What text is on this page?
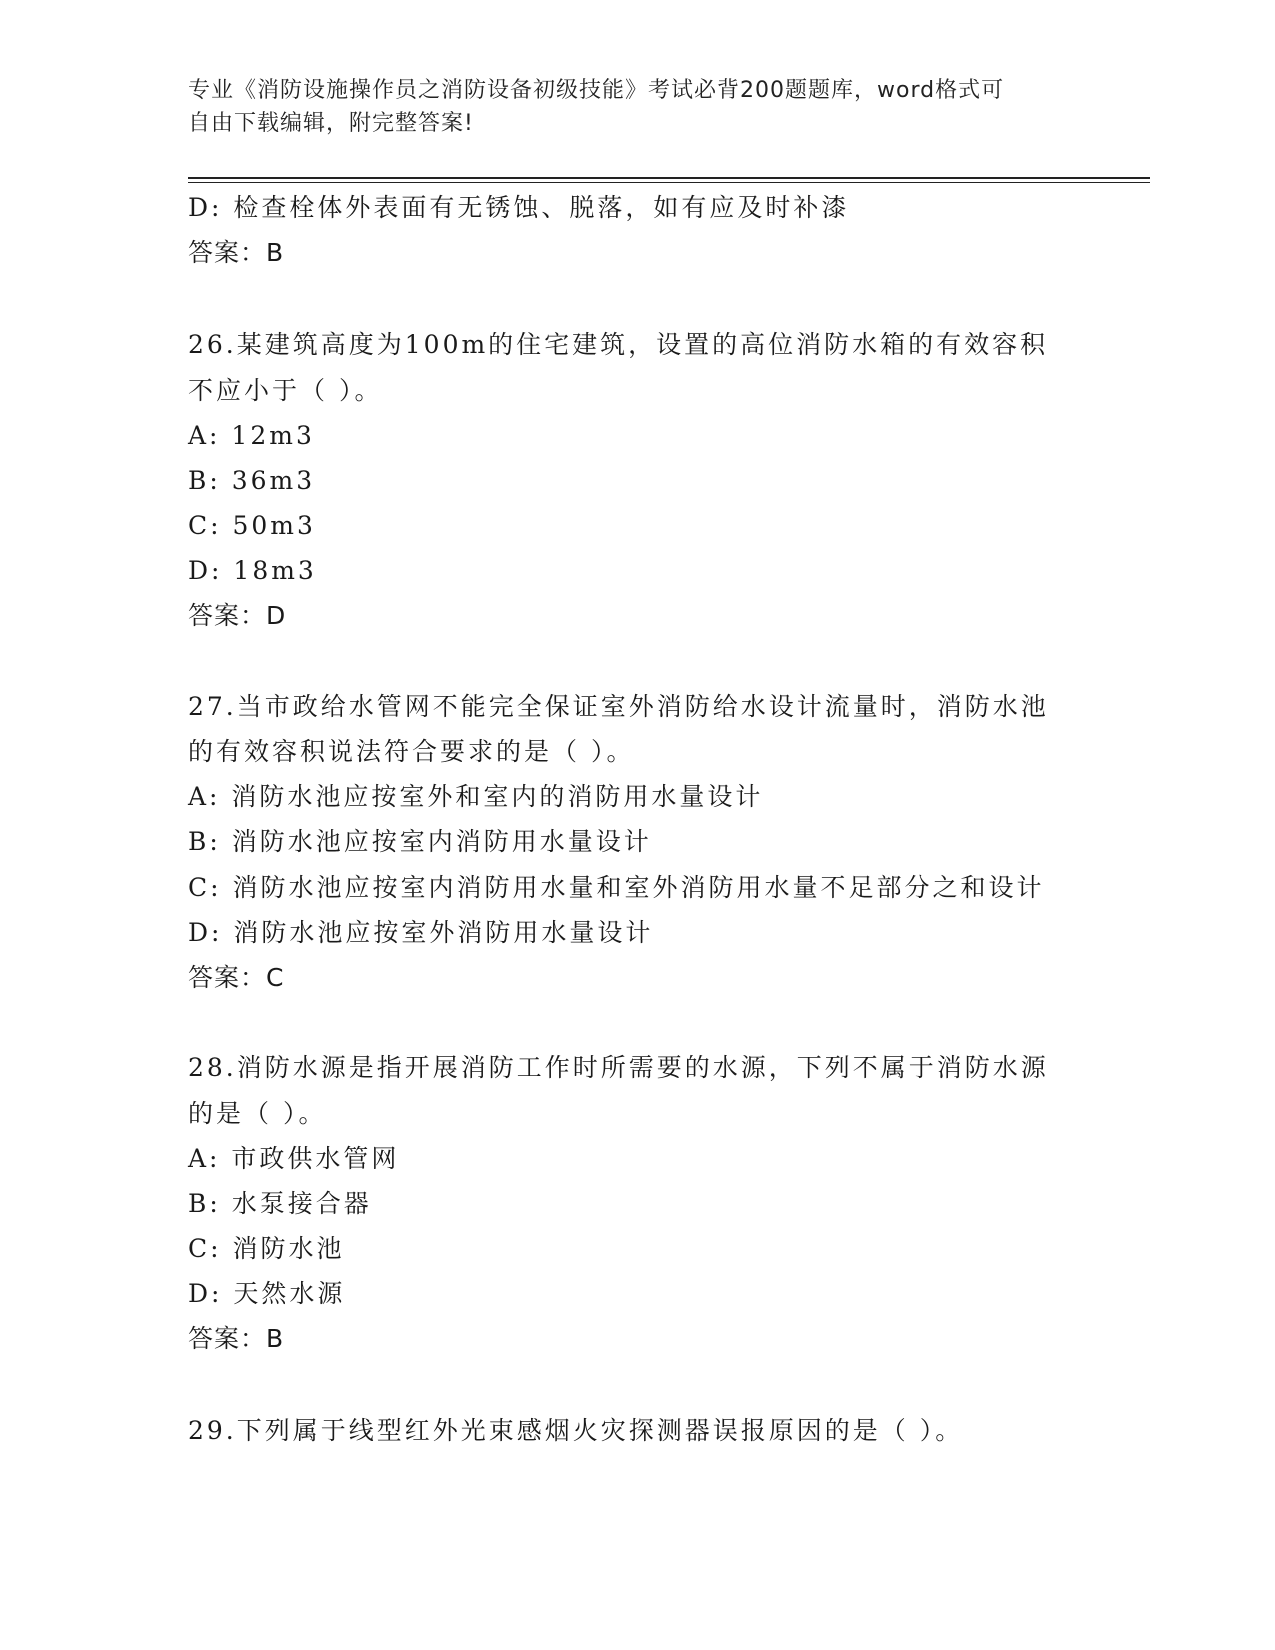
专业《消防设施操作员之消防设备初级技能》考试必背200题题库，word格式可
自由下载编辑，附完整答案!
D: 检查栓体外表面有无锈蚀、脱落，如有应及时补漆
答案：B
26.某建筑高度为100m的住宅建筑，设置的高位消防水箱的有效容积
不应小于（ ）。
A: 12m3
B: 36m3
C: 50m3
D: 18m3
答案：D
27.当市政给水管网不能完全保证室外消防给水设计流量时，消防水池
的有效容积说法符合要求的是（ ）。
A: 消防水池应按室外和室内的消防用水量设计
B: 消防水池应按室内消防用水量设计
C: 消防水池应按室内消防用水量和室外消防用水量不足部分之和设计
D: 消防水池应按室外消防用水量设计
答案：C
28.消防水源是指开展消防工作时所需要的水源，下列不属于消防水源
的是（ ）。
A: 市政供水管网
B: 水泵接合器
C: 消防水池
D: 天然水源
答案：B
29.下列属于线型红外光束感烟火灾探测器误报原因的是（ ）。
